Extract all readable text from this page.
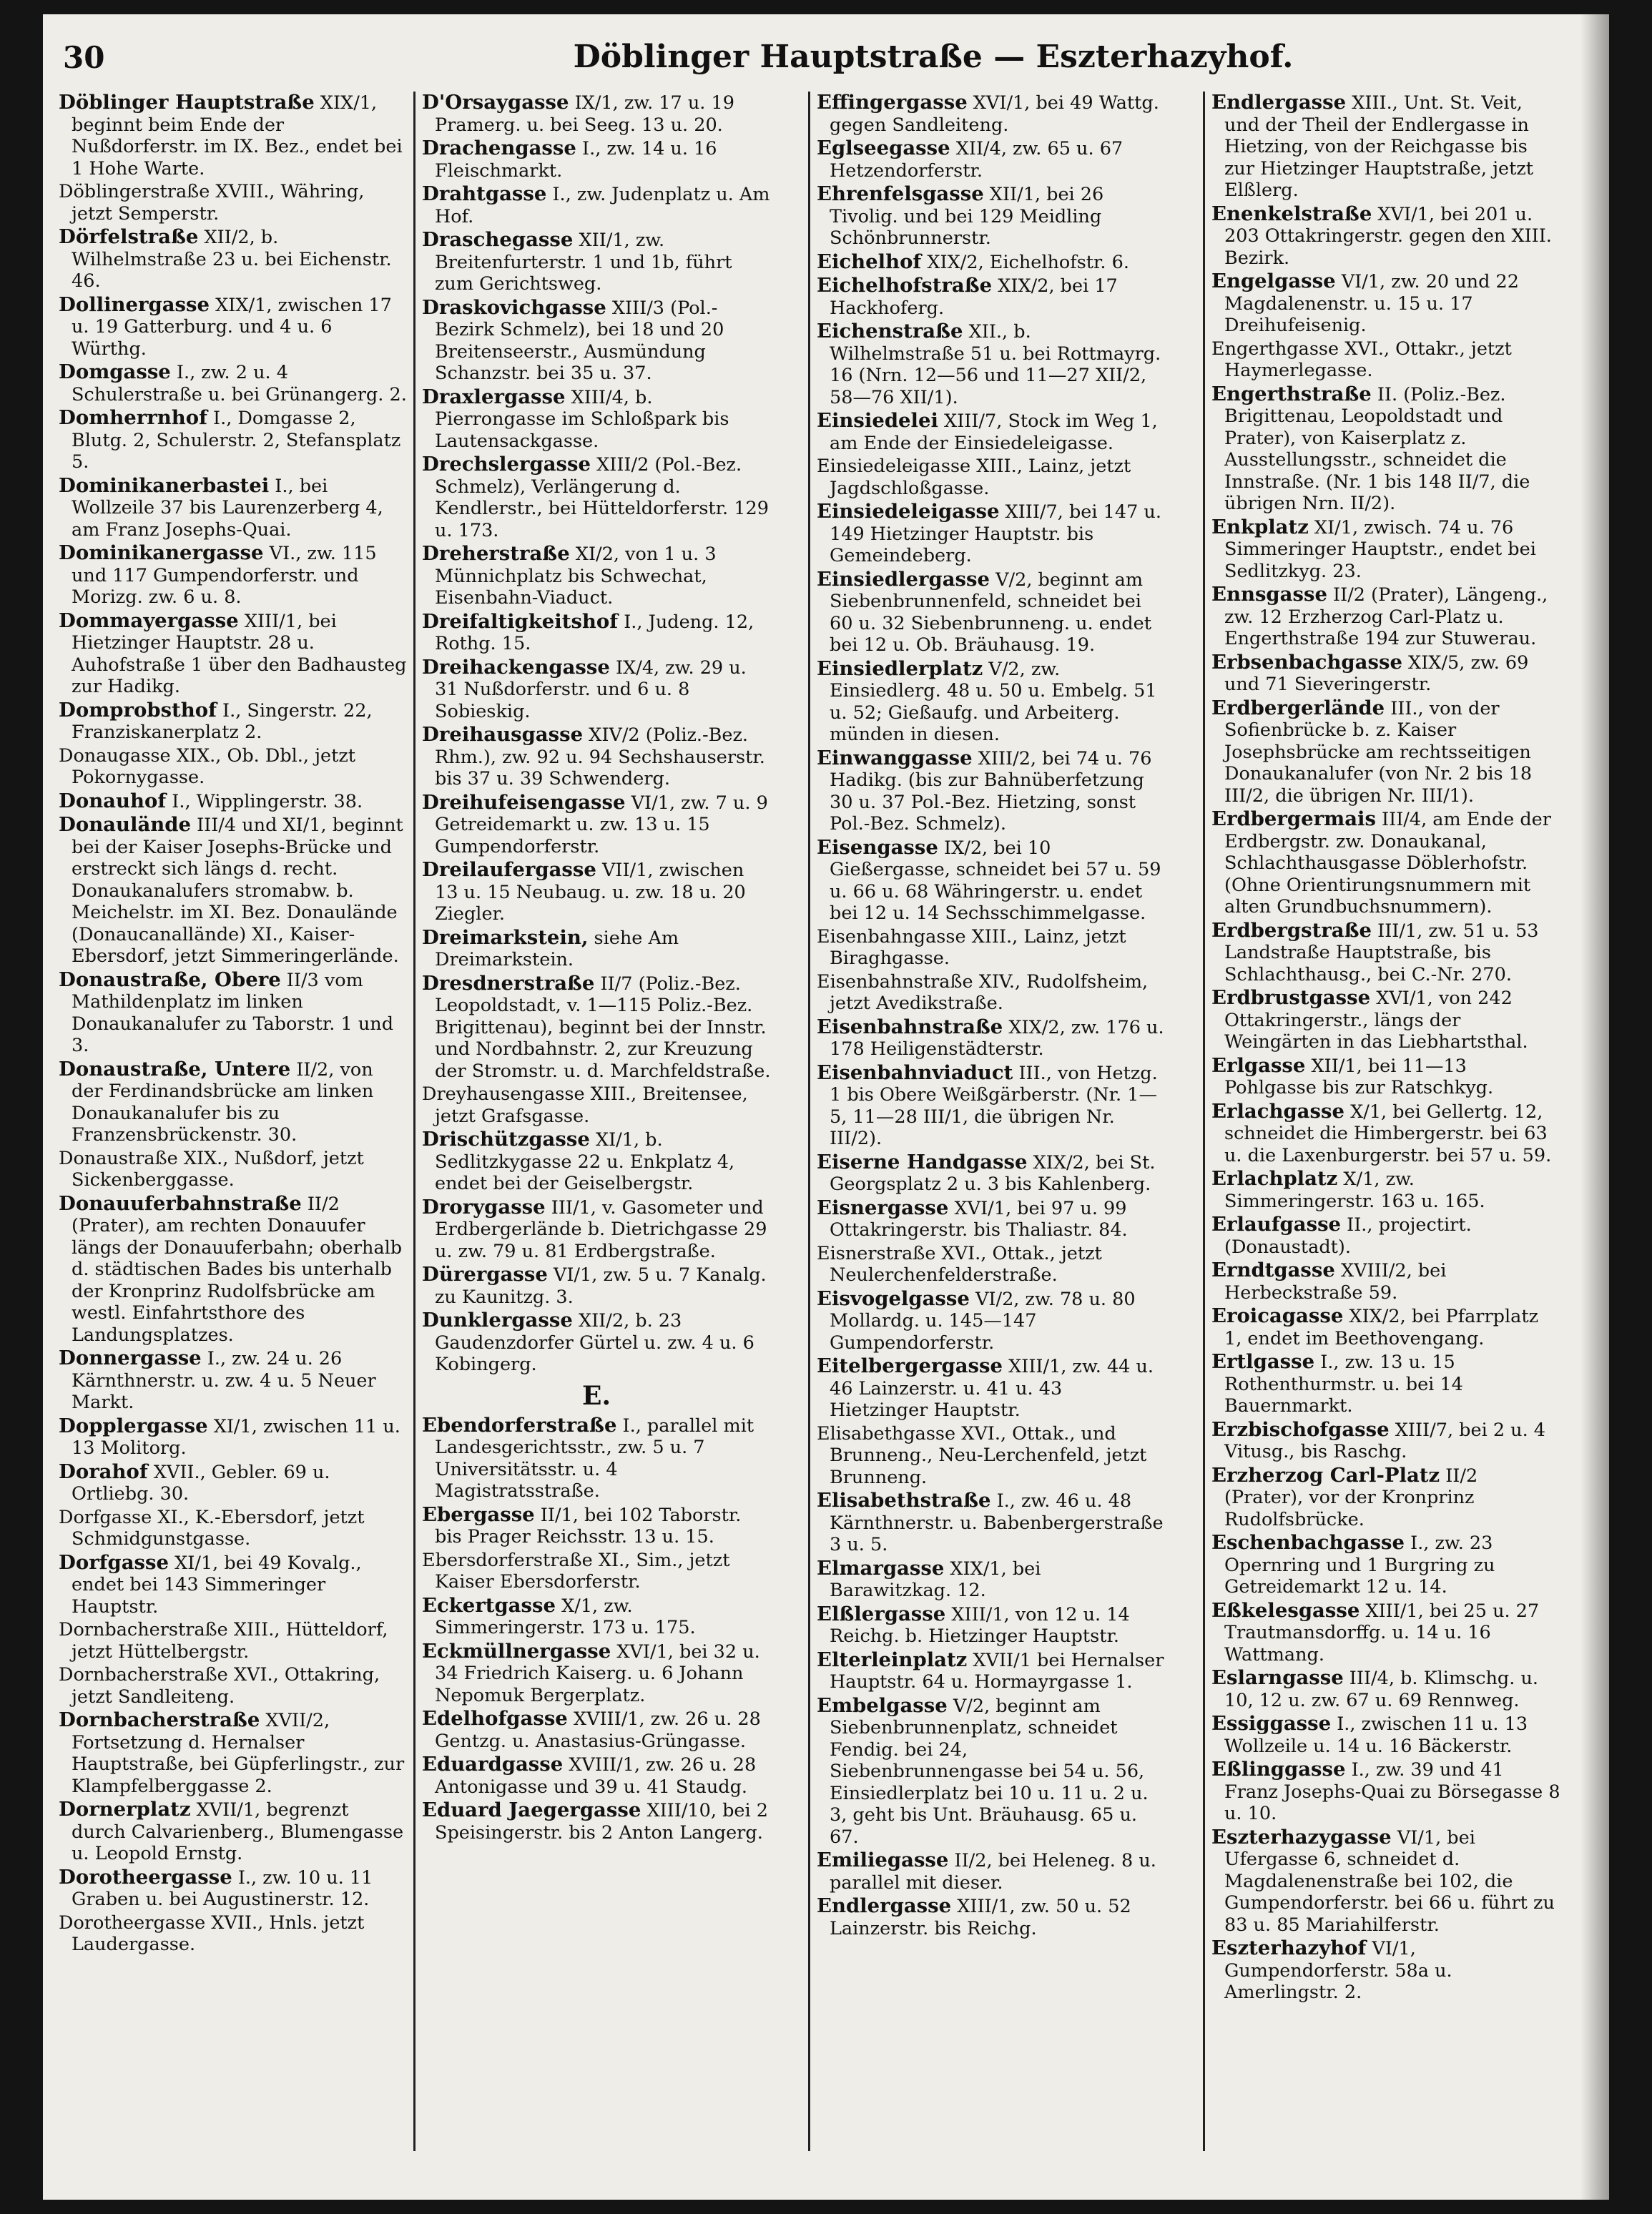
30	Döblinger Hauptstraße — Eszterhazyhof.
Döblinger Hauptstraße XIX/1, beginnt beim Ende der Nußdorferstr. im IX. Bez., endet bei 1 Hohe Warte.
Döblingerstraße XVIII., Währing, jetzt Semperstr.
Dörfelstraße XII/2, b. Wilhelmstraße 23 u. bei Eichenstr. 46.
Dollinergasse XIX/1, zwischen 17 u. 19 Gatterburg. und 4 u. 6 Würthg.
Domgasse I., zw. 2 u. 4 Schulerstraße u. bei Grünangerg. 2.
Domherrnhof I., Domgasse 2, Blutg. 2, Schulerstr. 2, Stefansplatz 5.
Dominikanerbastei I., bei Wollzeile 37 bis Laurenzerberg 4, am Franz Josephs-Quai.
Dominikanergasse VI., zw. 115 und 117 Gumpendorferstr. und Morizg. zw. 6 u. 8.
Dommayergasse XIII/1, bei Hietzinger Hauptstr. 28 u. Auhofstraße 1 über den Badhausteg zur Hadikg.
Domprobsthof I., Singerstr. 22, Franziskanerplatz 2.
Donaugasse XIX., Ob. Dbl., jetzt Pokornygasse.
Donauhof I., Wipplingerstr. 38.
Donaulände III/4 und XI/1, beginnt bei der Kaiser Josephs-Brücke und erstreckt sich längs d. recht. Donaukanalufers stromabw. b. Meichelstr. im XI. Bez. Donaulände (Donaucanallände) XI., Kaiser-Ebersdorf, jetzt Simmeringerlände.
Donaustraße, Obere II/3 vom Mathildenplatz im linken Donaukanalufer zu Taborstr. 1 und 3.
Donaustraße, Untere II/2, von der Ferdinandsbrücke am linken Donaukanalufer bis zu Franzensbrückenstr. 30.
Donaustraße XIX., Nußdorf, jetzt Sickenberggasse.
Donauuferbahnstraße II/2 (Prater), am rechten Donauufer längs der Donauuferbahn; oberhalb d. städtischen Bades bis unterhalb der Kronprinz Rudolfsbrücke am westl. Einfahrtsthore des Landungsplatzes.
Donnergasse I., zw. 24 u. 26 Kärnthnerstr. u. zw. 4 u. 5 Neuer Markt.
Dopplergasse XI/1, zwischen 11 u. 13 Molitorg.
Dorahof XVII., Gebler. 69 u. Ortliebg. 30.
Dorfgasse XI., K.-Ebersdorf, jetzt Schmidgunstgasse.
Dorfgasse XI/1, bei 49 Kovalg., endet bei 143 Simmeringer Hauptstr.
Dornbacherstraße XIII., Hütteldorf, jetzt Hüttelbergstr.
Dornbacherstraße XVI., Ottakring, jetzt Sandleiteng.
Dornbacherstraße XVII/2, Fortsetzung d. Hernalser Hauptstraße, bei Güpferlingstr., zur Klampfelberggasse 2.
Dornerplatz XVII/1, begrenzt durch Calvarienberg., Blumengasse u. Leopold Ernstg.
Dorotheergasse I., zw. 10 u. 11 Graben u. bei Augustinerstr. 12.
Dorotheergasse XVII., Hnls. jetzt Laudergasse.
D'Orsaygasse IX/1, zw. 17 u. 19 Pramerg. u. bei Seeg. 13 u. 20.
Drachengasse I., zw. 14 u. 16 Fleischmarkt.
Drahtgasse I., zw. Judenplatz u. Am Hof.
Draschegasse XII/1, zw. Breitenfurterstr. 1 und 1b, führt zum Gerichtsweg.
Draskovichgasse XIII/3 (Pol.-Bezirk Schmelz), bei 18 und 20 Breitenseerstr., Ausmündung Schanzstr. bei 35 u. 37.
Draxlergasse XIII/4, b. Pierrongasse im Schloßpark bis Lautensackgasse.
Drechslergasse XIII/2 (Pol.-Bez. Schmelz), Verlängerung d. Kendlerstr., bei Hütteldorferstr. 129 u. 173.
Dreherstraße XI/2, von 1 u. 3 Münnichplatz bis Schwechat, Eisenbahn-Viaduct.
Dreifaltigkeitshof I., Judeng. 12, Rothg. 15.
Dreihackengasse IX/4, zw. 29 u. 31 Nußdorferstr. und 6 u. 8 Sobieskig.
Dreihausgasse XIV/2 (Poliz.-Bez. Rhm.), zw. 92 u. 94 Sechshauserstr. bis 37 u. 39 Schwenderg.
Dreihufeisengasse VI/1, zw. 7 u. 9 Getreidemarkt u. zw. 13 u. 15 Gumpendorferstr.
Dreilaufergasse VII/1, zwischen 13 u. 15 Neubaug. u. zw. 18 u. 20 Ziegler.
Dreimarkstein, siehe Am Dreimarkstein.
Dresdnerstraße II/7 (Poliz.-Bez. Leopoldstadt, v. 1—115 Poliz.-Bez. Brigittenau), beginnt bei der Innstr. und Nordbahnstr. 2, zur Kreuzung der Stromstr. u. d. Marchfeldstraße.
Dreyhausengasse XIII., Breitensee, jetzt Grafsgasse.
Drischützgasse XI/1, b. Sedlitzkygasse 22 u. Enkplatz 4, endet bei der Geiselbergstr.
Drorygasse III/1, v. Gasometer und Erdbergerlände b. Dietrichgasse 29 u. zw. 79 u. 81 Erdbergstraße.
Dürergasse VI/1, zw. 5 u. 7 Kanalg. zu Kaunitzg. 3.
Dunklergasse XII/2, b. 23 Gaudenzdorfer Gürtel u. zw. 4 u. 6 Kobingerg.
E.
Ebendorferstraße I., parallel mit Landesgerichtsstr., zw. 5 u. 7 Universitätsstr. u. 4 Magistratsstraße.
Ebergasse II/1, bei 102 Taborstr. bis Prager Reichsstr. 13 u. 15.
Ebersdorferstraße XI., Sim., jetzt Kaiser Ebersdorferstr.
Eckertgasse X/1, zw. Simmeringerstr. 173 u. 175.
Eckmüllnergasse XVI/1, bei 32 u. 34 Friedrich Kaiserg. u. 6 Johann Nepomuk Bergerplatz.
Edelhofgasse XVIII/1, zw. 26 u. 28 Gentzg. u. Anastasius-Grüngasse.
Eduardgasse XVIII/1, zw. 26 u. 28 Antonigasse und 39 u. 41 Staudg.
Eduard Jaegergasse XIII/10, bei 2 Speisingerstr. bis 2 Anton Langerg.
Effingergasse XVI/1, bei 49 Wattg. gegen Sandleiteng.
Eglseegasse XII/4, zw. 65 u. 67 Hetzendorferstr.
Ehrenfelsgasse XII/1, bei 26 Tivolig. und bei 129 Meidling Schönbrunnerstr.
Eichelhof XIX/2, Eichelhofstr. 6.
Eichelhofstraße XIX/2, bei 17 Hackhoferg.
Eichenstraße XII., b. Wilhelmstraße 51 u. bei Rottmayrg. 16 (Nrn. 12—56 und 11—27 XII/2, 58—76 XII/1).
Einsiedelei XIII/7, Stock im Weg 1, am Ende der Einsiedeleigasse.
Einsiedeleigasse XIII., Lainz, jetzt Jagdschloßgasse.
Einsiedeleigasse XIII/7, bei 147 u. 149 Hietzinger Hauptstr. bis Gemeindeberg.
Einsiedlergasse V/2, beginnt am Siebenbrunnenfeld, schneidet bei 60 u. 32 Siebenbrunneng. u. endet bei 12 u. Ob. Bräuhausg. 19.
Einsiedlerplatz V/2, zw. Einsiedlerg. 48 u. 50 u. Embelg. 51 u. 52; Gießaufg. und Arbeiterg. münden in diesen.
Einwanggasse XIII/2, bei 74 u. 76 Hadikg. (bis zur Bahnüberfetzung 30 u. 37 Pol.-Bez. Hietzing, sonst Pol.-Bez. Schmelz).
Eisengasse IX/2, bei 10 Gießergasse, schneidet bei 57 u. 59 u. 66 u. 68 Währingerstr. u. endet bei 12 u. 14 Sechsschimmelgasse.
Eisenbahngasse XIII., Lainz, jetzt Biraghgasse.
Eisenbahnstraße XIV., Rudolfsheim, jetzt Avedikstraße.
Eisenbahnstraße XIX/2, zw. 176 u. 178 Heiligenstädterstr.
Eisenbahnviaduct III., von Hetzg. 1 bis Obere Weißgärberstr. (Nr. 1—5, 11—28 III/1, die übrigen Nr. III/2).
Eiserne Handgasse XIX/2, bei St. Georgsplatz 2 u. 3 bis Kahlenberg.
Eisnergasse XVI/1, bei 97 u. 99 Ottakringerstr. bis Thaliastr. 84.
Eisnerstraße XVI., Ottak., jetzt Neulerchenfelderstraße.
Eisvogelgasse VI/2, zw. 78 u. 80 Mollardg. u. 145—147 Gumpendorferstr.
Eitelbergergasse XIII/1, zw. 44 u. 46 Lainzerstr. u. 41 u. 43 Hietzinger Hauptstr.
Elisabethgasse XVI., Ottak., und Brunneng., Neu-Lerchenfeld, jetzt Brunneng.
Elisabethstraße I., zw. 46 u. 48 Kärnthnerstr. u. Babenbergerstraße 3 u. 5.
Elmargasse XIX/1, bei Barawitzkag. 12.
Elßlergasse XIII/1, von 12 u. 14 Reichg. b. Hietzinger Hauptstr.
Elterleinplatz XVII/1 bei Hernalser Hauptstr. 64 u. Hormayrgasse 1.
Embelgasse V/2, beginnt am Siebenbrunnenplatz, schneidet Fendig. bei 24, Siebenbrunnengasse bei 54 u. 56, Einsiedlerplatz bei 10 u. 11 u. 2 u. 3, geht bis Unt. Bräuhausg. 65 u. 67.
Emiliegasse II/2, bei Heleneg. 8 u. parallel mit dieser.
Endlergasse XIII/1, zw. 50 u. 52 Lainzerstr. bis Reichg.
Endlergasse XIII., Unt. St. Veit, und der Theil der Endlergasse in Hietzing, von der Reichgasse bis zur Hietzinger Hauptstraße, jetzt Elßlerg.
Enenkelstraße XVI/1, bei 201 u. 203 Ottakringerstr. gegen den XIII. Bezirk.
Engelgasse VI/1, zw. 20 und 22 Magdalenenstr. u. 15 u. 17 Dreihufeisenig.
Engerthgasse XVI., Ottakr., jetzt Haymerlegasse.
Engerthstraße II. (Poliz.-Bez. Brigittenau, Leopoldstadt und Prater), von Kaiserplatz z. Ausstellungsstr., schneidet die Innstraße. (Nr. 1 bis 148 II/7, die übrigen Nrn. II/2).
Enkplatz XI/1, zwisch. 74 u. 76 Simmeringer Hauptstr., endet bei Sedlitzkyg. 23.
Ennsgasse II/2 (Prater), Längeng., zw. 12 Erzherzog Carl-Platz u. Engerthstraße 194 zur Stuwerau.
Erbsenbachgasse XIX/5, zw. 69 und 71 Sieveringerstr.
Erdbergerlände III., von der Sofienbrücke b. z. Kaiser Josephsbrücke am rechtsseitigen Donaukanalufer (von Nr. 2 bis 18 III/2, die übrigen Nr. III/1).
Erdbergermais III/4, am Ende der Erdbergstr. zw. Donaukanal, Schlachthausgasse Döblerhofstr. (Ohne Orientirungsnummern mit alten Grundbuchsnummern).
Erdbergstraße III/1, zw. 51 u. 53 Landstraße Hauptstraße, bis Schlachthausg., bei C.-Nr. 270.
Erdbrustgasse XVI/1, von 242 Ottakringerstr., längs der Weingärten in das Liebhartsthal.
Erlgasse XII/1, bei 11—13 Pohlgasse bis zur Ratschkyg.
Erlachgasse X/1, bei Gellertg. 12, schneidet die Himbergerstr. bei 63 u. die Laxenburgerstr. bei 57 u. 59.
Erlachplatz X/1, zw. Simmeringerstr. 163 u. 165.
Erlaufgasse II., projectirt. (Donaustadt).
Erndtgasse XVIII/2, bei Herbeckstraße 59.
Eroicagasse XIX/2, bei Pfarrplatz 1, endet im Beethovengang.
Ertlgasse I., zw. 13 u. 15 Rothenthurmstr. u. bei 14 Bauernmarkt.
Erzbischofgasse XIII/7, bei 2 u. 4 Vitusg., bis Raschg.
Erzherzog Carl-Platz II/2 (Prater), vor der Kronprinz Rudolfsbrücke.
Eschenbachgasse I., zw. 23 Opernring und 1 Burgring zu Getreidemarkt 12 u. 14.
Eßkelesgasse XIII/1, bei 25 u. 27 Trautmansdorffg. u. 14 u. 16 Wattmang.
Eslarngasse III/4, b. Klimschg. u. 10, 12 u. zw. 67 u. 69 Rennweg.
Essiggasse I., zwischen 11 u. 13 Wollzeile u. 14 u. 16 Bäckerstr.
Eßlinggasse I., zw. 39 und 41 Franz Josephs-Quai zu Börsegasse 8 u. 10.
Eszterhazygasse VI/1, bei Ufergasse 6, schneidet d. Magdalenenstraße bei 102, die Gumpendorferstr. bei 66 u. führt zu 83 u. 85 Mariahilferstr.
Eszterhazyhof VI/1, Gumpendorferstr. 58a u. Amerlingstr. 2.
